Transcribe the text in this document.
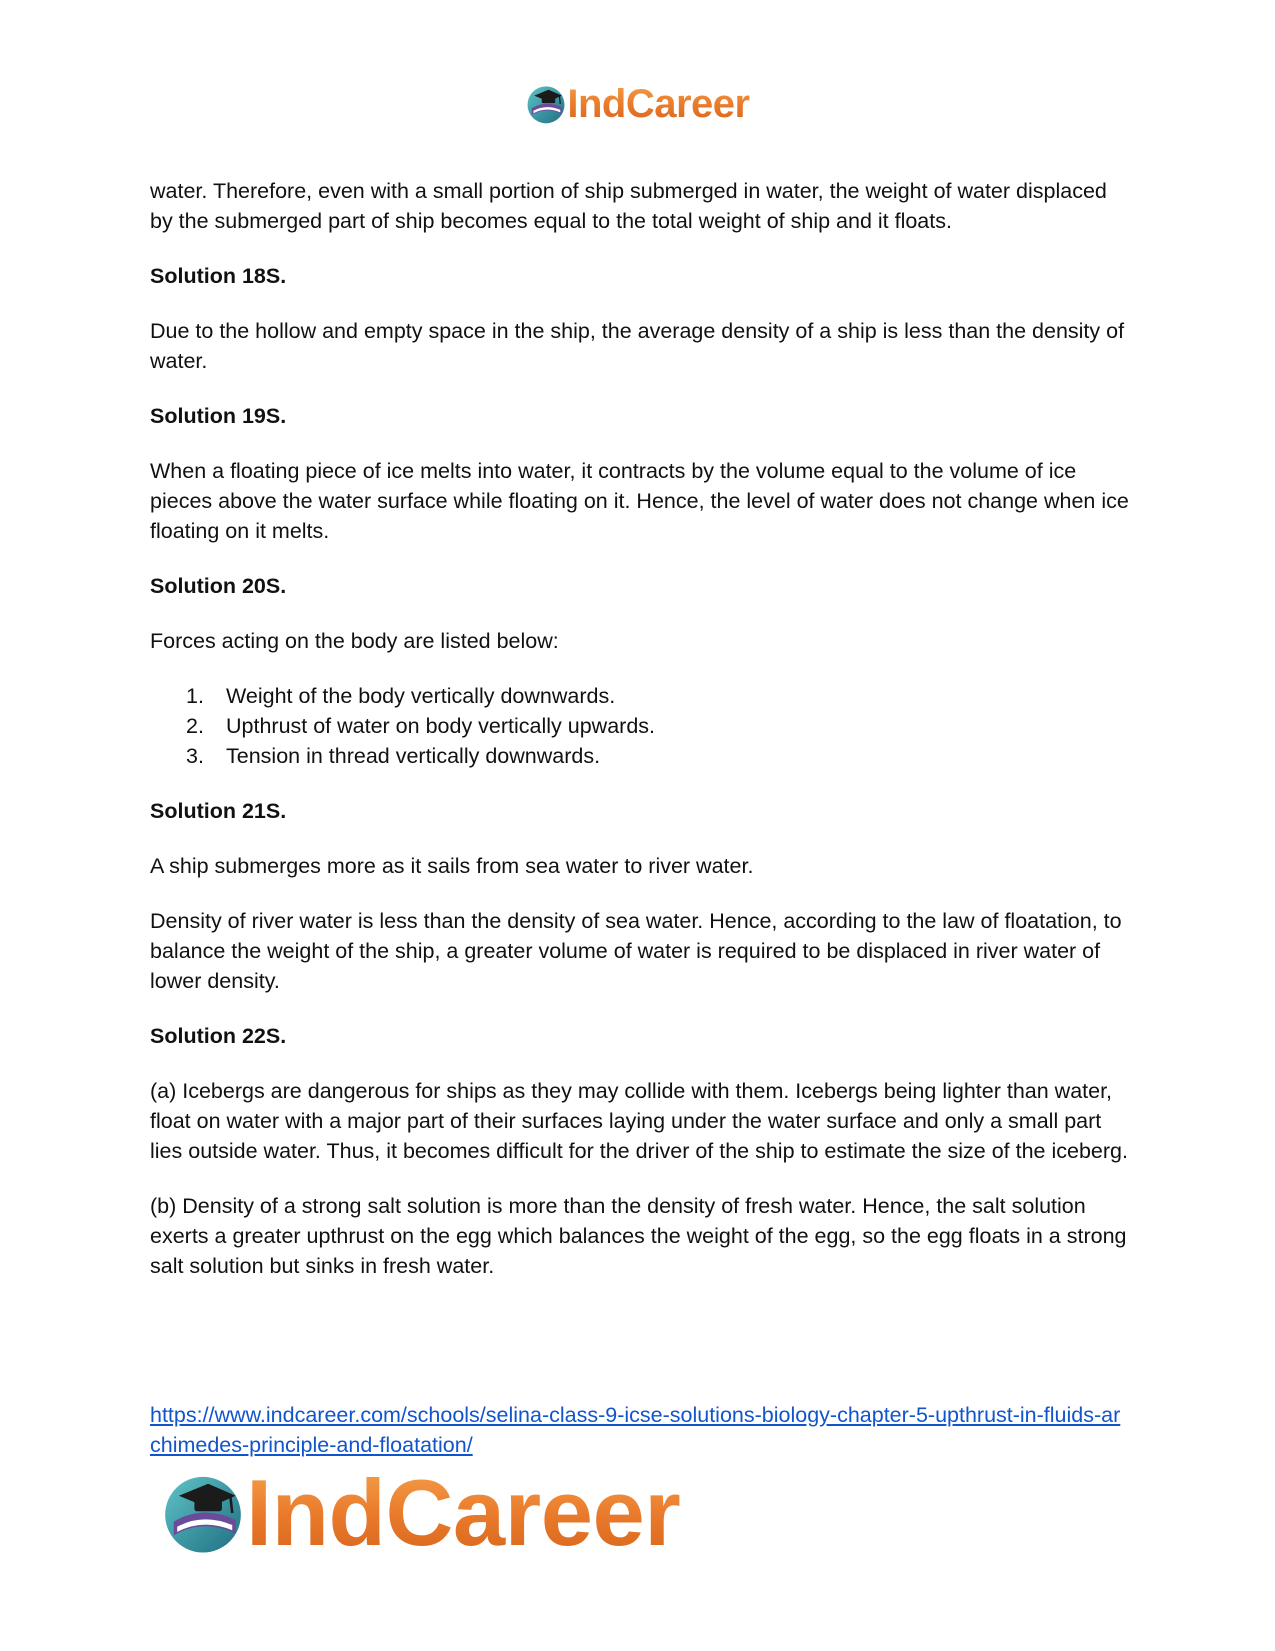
IndCareer

water. Therefore, even with a small portion of ship submerged in water, the weight of water displaced by the submerged part of ship becomes equal to the total weight of ship and it floats.

Solution 18S.

Due to the hollow and empty space in the ship, the average density of a ship is less than the density of water.

Solution 19S.

When a floating piece of ice melts into water, it contracts by the volume equal to the volume of ice pieces above the water surface while floating on it. Hence, the level of water does not change when ice floating on it melts.

Solution 20S.

Forces acting on the body are listed below:

1. Weight of the body vertically downwards.
2. Upthrust of water on body vertically upwards.
3. Tension in thread vertically downwards.

Solution 21S.

A ship submerges more as it sails from sea water to river water.

Density of river water is less than the density of sea water. Hence, according to the law of floatation, to balance the weight of the ship, a greater volume of water is required to be displaced in river water of lower density.

Solution 22S.

(a) Icebergs are dangerous for ships as they may collide with them. Icebergs being lighter than water, float on water with a major part of their surfaces laying under the water surface and only a small part lies outside water. Thus, it becomes difficult for the driver of the ship to estimate the size of the iceberg.

(b) Density of a strong salt solution is more than the density of fresh water. Hence, the salt solution exerts a greater upthrust on the egg which balances the weight of the egg, so the egg floats in a strong salt solution but sinks in fresh water.

https://www.indcareer.com/schools/selina-class-9-icse-solutions-biology-chapter-5-upthrust-in-fluids-archimedes-principle-and-floatation/
IndCareer
